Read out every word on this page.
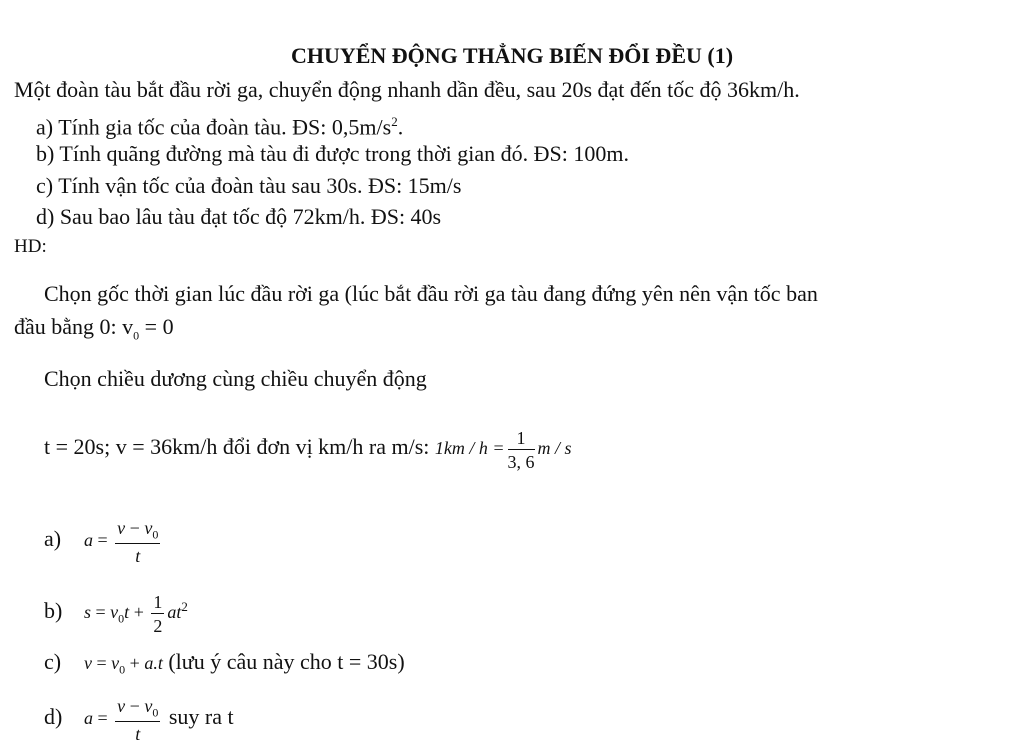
CHUYỂN ĐỘNG THẲNG BIẾN ĐỔI ĐỀU (1)
Một đoàn tàu bắt đầu rời ga, chuyển động nhanh dần đều, sau 20s đạt đến tốc độ 36km/h.
a) Tính gia tốc của đoàn tàu. ĐS: $0,5m/s^2$.
b) Tính quãng đường mà tàu đi được trong thời gian đó. ĐS: 100m.
c) Tính vận tốc của đoàn tàu sau 30s. ĐS: 15m/s
d) Sau bao lâu tàu đạt tốc độ 72km/h. ĐS: 40s
HD:
Chọn gốc thời gian lúc đầu rời ga (lúc bắt đầu rời ga tàu đang đứng yên nên vận tốc ban
đầu bằng 0: $v_0 = 0$
Chọn chiều dương cùng chiều chuyển động
t = 20s; v = 36km/h đổi đơn vị km/h ra m/s: $1km / h = \frac{1}{3, 6}$ m / s
a) $a = \frac{v - v_0}{t}$
b) $s = v_0t + \frac{1}{2} at^2$
c) $v = v_0 + a.t$ (lưu ý câu này cho t = 30s)
d) $a = \frac{v - v_0}{t}$ suy ra t
